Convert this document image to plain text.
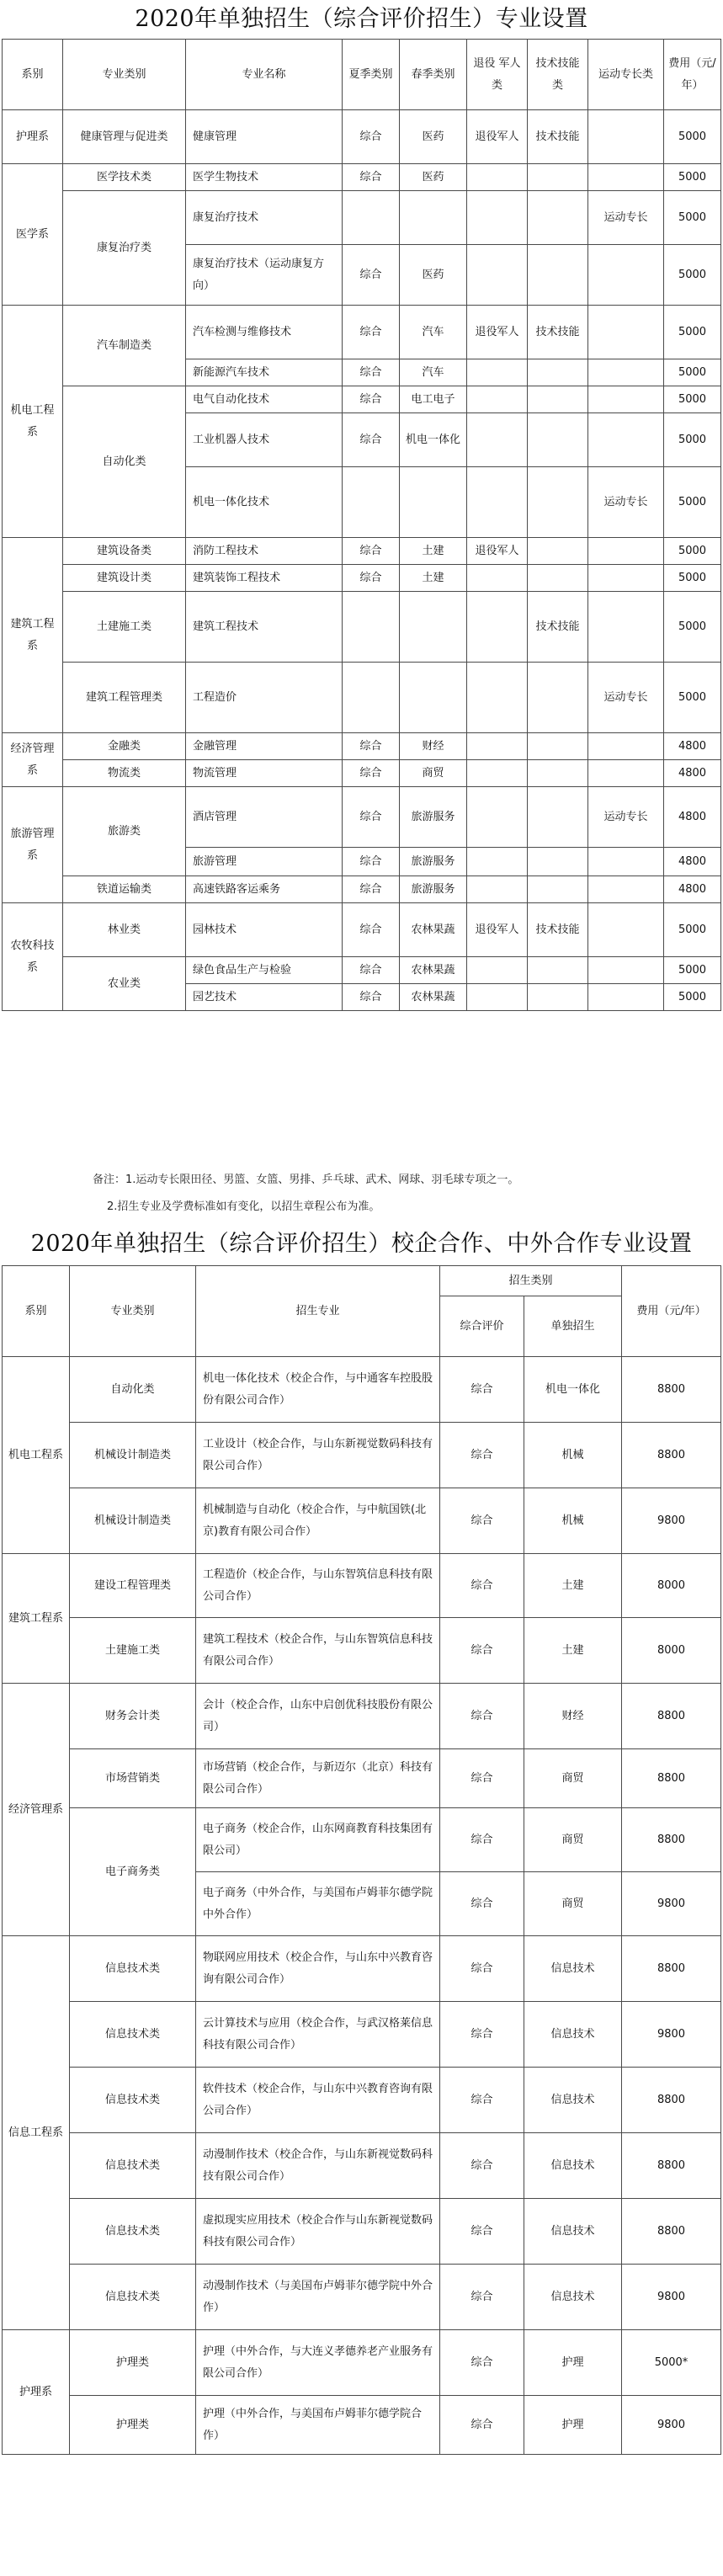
2020年单独招生（综合评价招生）专业设置
系别	专业类别	专业名称	夏季类别	春季类别	退役 军人类	技术技能类	运动专长类	费用（元/年）
护理系	健康管理与促进类	健康管理	综合	医药	退役军人	技术技能		5000
医学系	医学技术类	医学生物技术	综合	医药				5000
	康复治疗类	康复治疗技术					运动专长	5000
		康复治疗技术（运动康复方向）	综合	医药				5000
机电工程系	汽车制造类	汽车检测与维修技术	综合	汽车	退役军人	技术技能		5000
		新能源汽车技术	综合	汽车				5000
	自动化类	电气自动化技术	综合	电工电子				5000
		工业机器人技术	综合	机电一体化				5000
		机电一体化技术					运动专长	5000
建筑工程系	建筑设备类	消防工程技术	综合	土建	退役军人			5000
	建筑设计类	建筑装饰工程技术	综合	土建				5000
	土建施工类	建筑工程技术				技术技能		5000
	建筑工程管理类	工程造价					运动专长	5000
经济管理系	金融类	金融管理	综合	财经				4800
	物流类	物流管理	综合	商贸				4800
旅游管理系	旅游类	酒店管理	综合	旅游服务			运动专长	4800
		旅游管理	综合	旅游服务				4800
	铁道运输类	高速铁路客运乘务	综合	旅游服务				4800
农牧科技系	林业类	园林技术	综合	农林果蔬	退役军人	技术技能		5000
	农业类	绿色食品生产与检验	综合	农林果蔬				5000
		园艺技术	综合	农林果蔬				5000
备注：1.运动专长限田径、男篮、女篮、男排、乒乓球、武术、网球、羽毛球专项之一。
2.招生专业及学费标准如有变化，以招生章程公布为准。
2020年单独招生（综合评价招生）校企合作、中外合作专业设置
系别	专业类别	招生专业	招生类别		费用（元/年）
			综合评价	单独招生	
机电工程系	自动化类	机电一体化技术（校企合作，与中通客车控股股份有限公司合作）	综合	机电一体化	8800
	机械设计制造类	工业设计（校企合作，与山东新视觉数码科技有限公司合作）	综合	机械	8800
	机械设计制造类	机械制造与自动化（校企合作，与中航国铁(北京)教育有限公司合作）	综合	机械	9800
建筑工程系	建设工程管理类	工程造价（校企合作，与山东智筑信息科技有限公司合作）	综合	土建	8000
	土建施工类	建筑工程技术（校企合作，与山东智筑信息科技有限公司合作）	综合	土建	8000
经济管理系	财务会计类	会计（校企合作，山东中启创优科技股份有限公司）	综合	财经	8800
	市场营销类	市场营销（校企合作，与新迈尔（北京）科技有限公司合作）	综合	商贸	8800
	电子商务类	电子商务（校企合作，山东网商教育科技集团有限公司）	综合	商贸	8800
		电子商务（中外合作，与美国布卢姆菲尔德学院中外合作）	综合	商贸	9800
信息工程系	信息技术类	物联网应用技术（校企合作，与山东中兴教育咨询有限公司合作）	综合	信息技术	8800
	信息技术类	云计算技术与应用（校企合作，与武汉格莱信息科技有限公司合作）	综合	信息技术	9800
	信息技术类	软件技术（校企合作，与山东中兴教育咨询有限公司合作）	综合	信息技术	8800
	信息技术类	动漫制作技术（校企合作，与山东新视觉数码科技有限公司合作）	综合	信息技术	8800
	信息技术类	虚拟现实应用技术（校企合作与山东新视觉数码科技有限公司合作）	综合	信息技术	8800
	信息技术类	动漫制作技术（与美国布卢姆菲尔德学院中外合作）	综合	信息技术	9800
护理系	护理类	护理（中外合作，与大连义孝德养老产业服务有限公司合作）	综合	护理	5000*
	护理类	护理（中外合作，与美国布卢姆菲尔德学院合作）	综合	护理	9800
